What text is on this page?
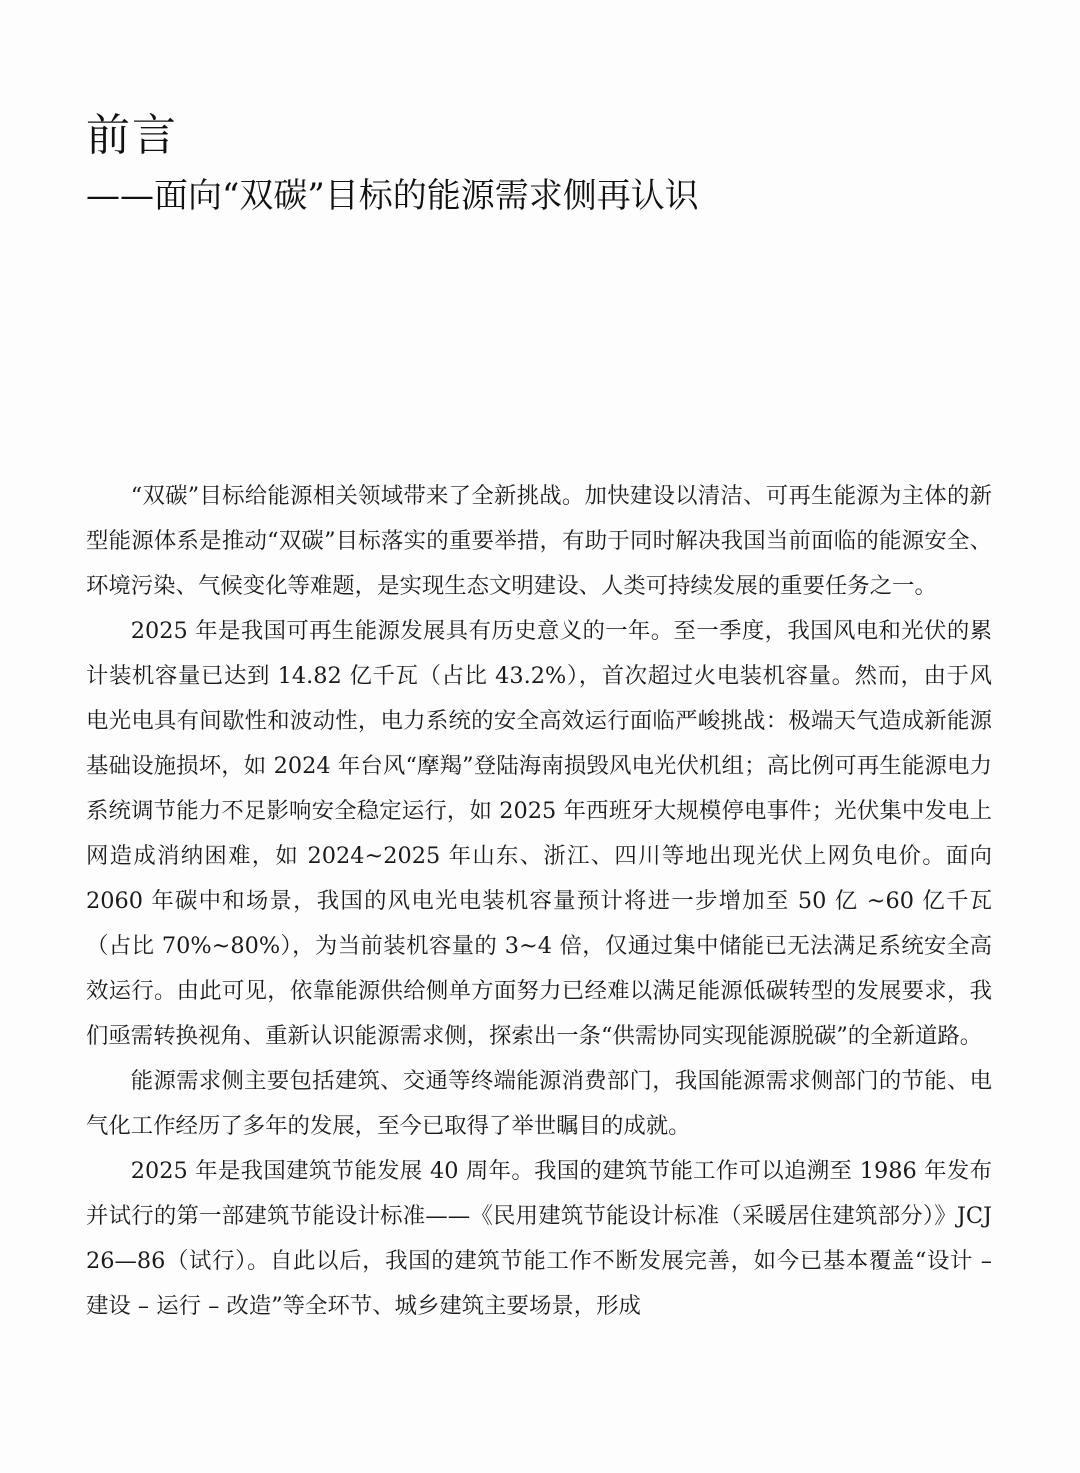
前言
——面向“双碳”目标的能源需求侧再认识

“双碳”目标给能源相关领域带来了全新挑战。加快建设以清洁、可再生能源为主体的新型能源体系是推动“双碳”目标落实的重要举措，有助于同时解决我国当前面临的能源安全、环境污染、气候变化等难题，是实现生态文明建设、人类可持续发展的重要任务之一。

2025 年是我国可再生能源发展具有历史意义的一年。至一季度，我国风电和光伏的累计装机容量已达到 14.82 亿千瓦（占比 43.2%），首次超过火电装机容量。然而，由于风电光电具有间歇性和波动性，电力系统的安全高效运行面临严峻挑战：极端天气造成新能源基础设施损坏，如 2024 年台风“摩羯”登陆海南损毁风电光伏机组；高比例可再生能源电力系统调节能力不足影响安全稳定运行，如 2025 年西班牙大规模停电事件；光伏集中发电上网造成消纳困难，如 2024~2025 年山东、浙江、四川等地出现光伏上网负电价。面向 2060 年碳中和场景，我国的风电光电装机容量预计将进一步增加至 50 亿 ~60 亿千瓦（占比 70%~80%），为当前装机容量的 3~4 倍，仅通过集中储能已无法满足系统安全高效运行。由此可见，依靠能源供给侧单方面努力已经难以满足能源低碳转型的发展要求，我们亟需转换视角、重新认识能源需求侧，探索出一条“供需协同实现能源脱碳”的全新道路。

能源需求侧主要包括建筑、交通等终端能源消费部门，我国能源需求侧部门的节能、电气化工作经历了多年的发展，至今已取得了举世瞩目的成就。

2025 年是我国建筑节能发展 40 周年。我国的建筑节能工作可以追溯至 1986 年发布并试行的第一部建筑节能设计标准——《民用建筑节能设计标准（采暖居住建筑部分）》JCJ 26—86（试行）。自此以后，我国的建筑节能工作不断发展完善，如今已基本覆盖“设计 – 建设 – 运行 – 改造”等全环节、城乡建筑主要场景，形成
